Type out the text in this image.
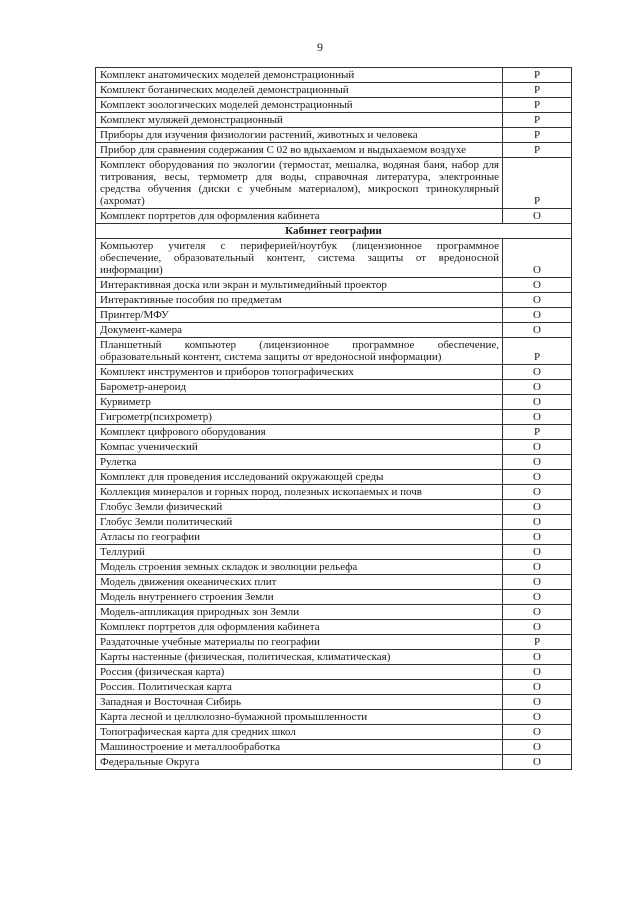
9
Комплект анатомических моделей демонстрационный	Р
Комплект ботанических моделей демонстрационный	Р
Комплект зоологических моделей демонстрационный	Р
Комплект муляжей демонстрационный	Р
Приборы для изучения физиологии растений, животных и человека	Р
Прибор для сравнения содержания С 02 во вдыхаемом и выдыхаемом воздухе	Р
Комплект оборудования по экологии (термостат, мешалка, водяная баня, набор для титрования, весы, термометр для воды, справочная литература, электронные средства обучения (диски с учебным материалом), микроскоп тринокулярный (ахромат)	Р
Комплект портретов для оформления кабинета	О
Кабинет географии	
Компьютер учителя с периферией/ноутбук (лицензионное программное обеспечение, образовательный контент, система защиты от вредоносной информации)	О
Интерактивная доска или экран и мультимедийный проектор	О
Интерактивные пособия по предметам	О
Принтер/МФУ	О
Документ-камера	О
Планшетный компьютер (лицензионное программное обеспечение, образовательный контент, система защиты от вредоносной информации)	Р
Комплект инструментов и приборов топографических	О
Барометр-анероид	О
Курвиметр	О
Гигрометр(психрометр)	О
Комплект цифрового оборудования	Р
Компас ученический	О
Рулетка	О
Комплект для проведения исследований окружающей среды	О
Коллекция минералов и горных пород, полезных ископаемых и почв	О
Глобус Земли физический	О
Глобус Земли политический	О
Атласы по географии	О
Теллурий	О
Модель строения земных складок и эволюции рельефа	О
Модель движения океанических плит	О
Модель внутреннего строения Земли	О
Модель-аппликация природных зон Земли	О
Комплект портретов для оформления кабинета	О
Раздаточные учебные материалы по географии	Р
Карты настенные (физическая, политическая, климатическая)	О
Россия (физическая карта)	О
Россия. Политическая карта	О
Западная и Восточная Сибирь	О
Карта лесной и целлюлозно-бумажной промышленности	О
Топографическая карта для средних школ	О
Машиностроение и металлообработка	О
Федеральные Округа	О
